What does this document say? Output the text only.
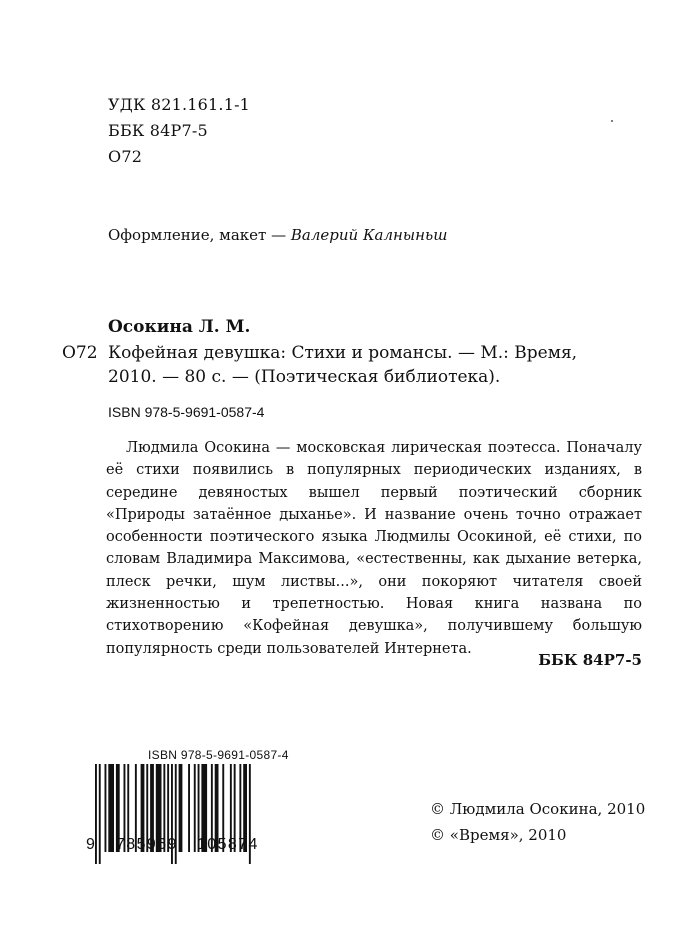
УДК 821.161.1-1
ББК 84Р7-5
О72
Оформление, макет — Валерий Калныньш
Осокина Л. М.
О72 Кофейная девушка: Стихи и романсы. — М.: Время, 2010. — 80 с. — (Поэтическая библиотека).
ISBN 978-5-9691-0587-4

Людмила Осокина — московская лирическая поэтесса. Поначалу её стихи появились в популярных периодических изданиях, в середине девяностых вышел первый поэтический сборник «Природы затаённое дыханье». И название очень точно отражает особенности поэтического языка Людмилы Осокиной, её стихи, по словам Владимира Максимова, «естественны, как дыхание ветерка, плеск речки, шум листвы...», они покоряют читателя своей жизненностью и трепетностью. Новая книга названа по стихотворению «Кофейная девушка», получившему большую популярность среди пользователей Интернета.

ББК 84Р7-5
ISBN 978-5-9691-0587-4
9 785969 105874
© Людмила Осокина, 2010
© «Время», 2010
